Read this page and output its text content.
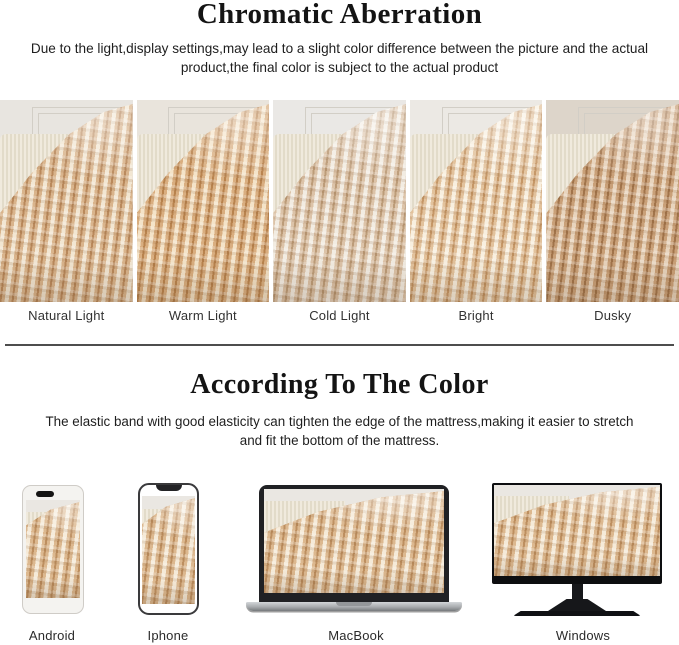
Chromatic Aberration

Due to the light,display settings,may lead to a slight color difference between the picture and the actual product,the final color is subject to the actual product

Natural Light	Warm Light	Cold Light	Bright	Dusky
According To The Color

The elastic band with good elasticity can tighten the edge of the mattress,making it easier to stretch and fit the bottom of the mattress.

Android	Iphone	MacBook	Windows
